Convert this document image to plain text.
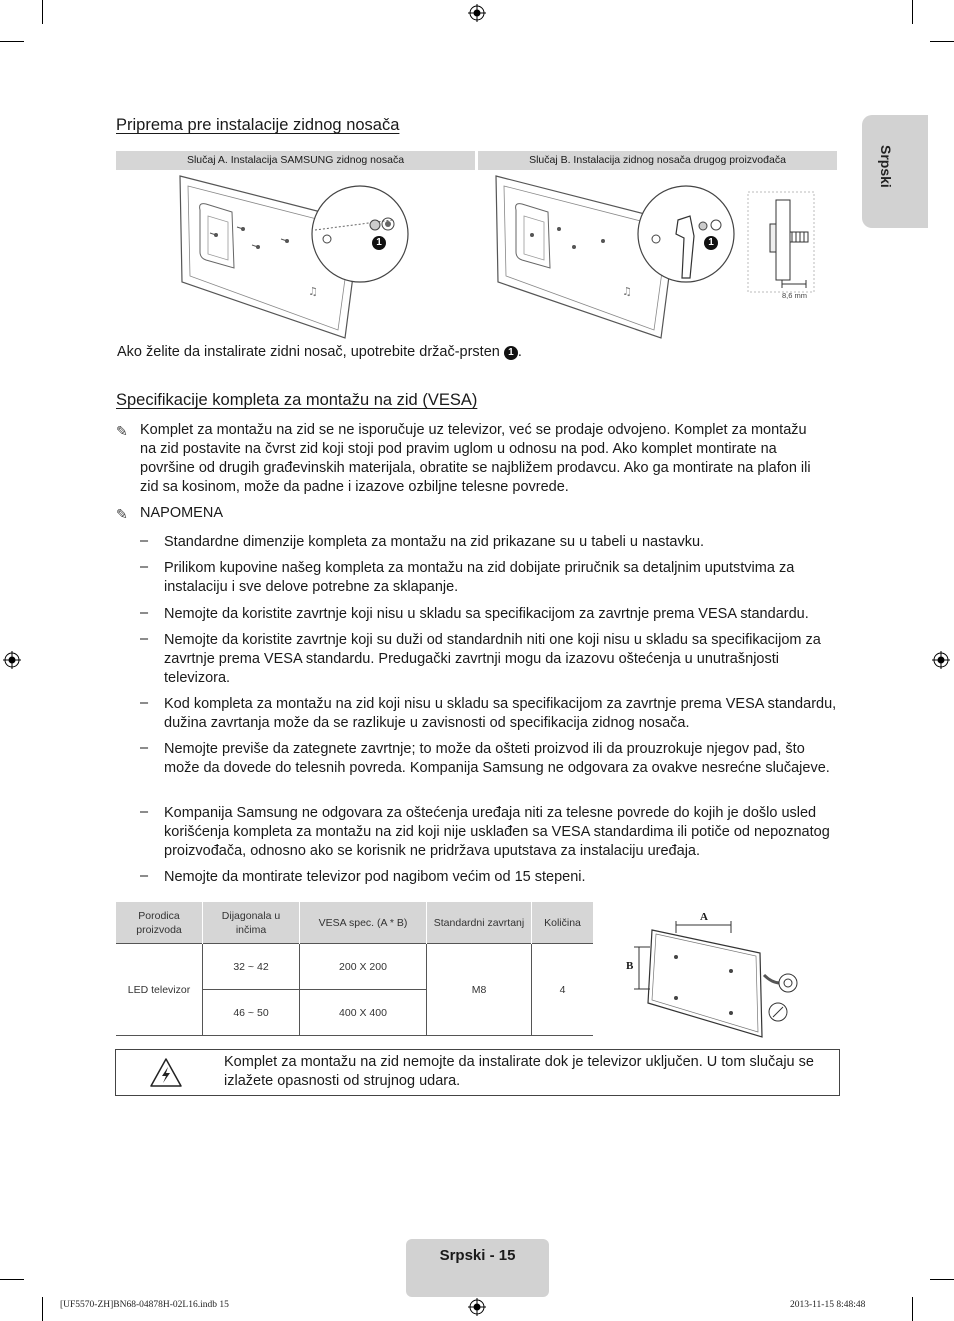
Srpski
Priprema pre instalacije zidnog nosača
Slučaj A. Instalacija SAMSUNG zidnog nosača	Slučaj B. Instalacija zidnog nosača drugog proizvođača
♫
1
♫
1
8,6 mm
Ako želite da instalirate zidni nosač, upotrebite držač-prsten 1 .
Specifikacije kompleta za montažu na zid (VESA)
✎ Komplet za montažu na zid se ne isporučuje uz televizor, već se prodaje odvojeno. Komplet za montažu na zid postavite na čvrst zid koji stoji pod pravim uglom u odnosu na pod. Ako komplet montirate na površine od drugih građevinskih materijala, obratite se najbližem prodavcu. Ako ga montirate na plafon ili zid sa kosinom, može da padne i izazove ozbiljne telesne povrede.
✎ NAPOMENA
– Standardne dimenzije kompleta za montažu na zid prikazane su u tabeli u nastavku.
– Prilikom kupovine našeg kompleta za montažu na zid dobijate priručnik sa detaljnim uputstvima za instalaciju i sve delove potrebne za sklapanje.
– Nemojte da koristite zavrtnje koji nisu u skladu sa specifikacijom za zavrtnje prema VESA standardu.
– Nemojte da koristite zavrtnje koji su duži od standardnih niti one koji nisu u skladu sa specifikacijom za zavrtnje prema VESA standardu. Predugački zavrtnji mogu da izazovu oštećenja u unutrašnjosti televizora.
– Kod kompleta za montažu na zid koji nisu u skladu sa specifikacijom za zavrtnje prema VESA standardu, dužina zavrtanja može da se razlikuje u zavisnosti od specifikacija zidnog nosača.
– Nemojte previše da zategnete zavrtnje; to može da ošteti proizvod ili da prouzrokuje njegov pad, što može da dovede do telesnih povreda. Kompanija Samsung ne odgovara za ovakve nesrećne slučajeve.
– Kompanija Samsung ne odgovara za oštećenja uređaja niti za telesne povrede do kojih je došlo usled korišćenja kompleta za montažu na zid koji nije usklađen sa VESA standardima ili potiče od nepoznatog proizvođača, odnosno ako se korisnik ne pridržava uputstava za instalaciju uređaja.
– Nemojte da montirate televizor pod nagibom većim od 15 stepeni.
Porodica proizvoda	Dijagonala u inčima	VESA spec. (A * B)	Standardni zavrtanj	Količina
LED televizor	32 ~ 42	200 X 200	M8	4
	46 ~ 50	400 X 400		
A
B
Komplet za montažu na zid nemojte da instalirate dok je televizor uključen. U tom slučaju se izlažete opasnosti od strujnog udara.
Srpski - 15
[UF5570-ZH]BN68-04878H-02L16.indb 15	2013-11-15 8:48:48
